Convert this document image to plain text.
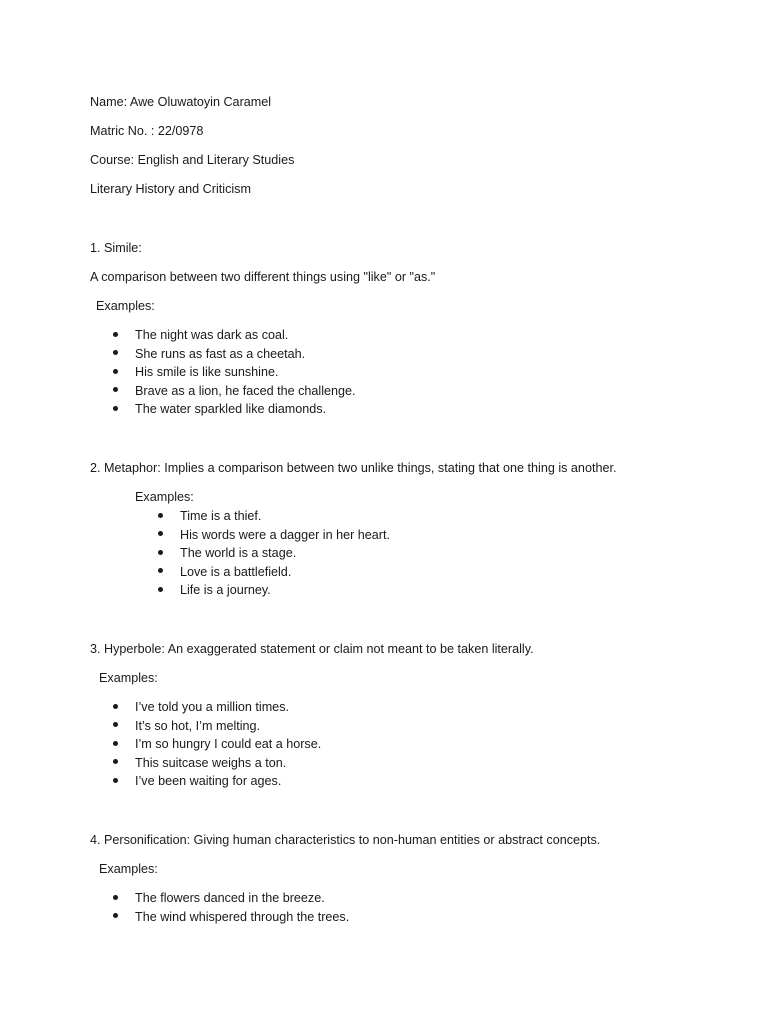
Name: Awe Oluwatoyin Caramel
Matric No. : 22/0978
Course: English and Literary Studies
Literary History and Criticism
1. Simile:
A comparison between two different things using "like" or "as."
Examples:
The night was dark as coal.
She runs as fast as a cheetah.
His smile is like sunshine.
Brave as a lion, he faced the challenge.
The water sparkled like diamonds.
2. Metaphor: Implies a comparison between two unlike things, stating that one thing is another.
Examples:
Time is a thief.
His words were a dagger in her heart.
The world is a stage.
Love is a battlefield.
Life is a journey.
3. Hyperbole: An exaggerated statement or claim not meant to be taken literally.
Examples:
I’ve told you a million times.
It’s so hot, I’m melting.
I’m so hungry I could eat a horse.
This suitcase weighs a ton.
I’ve been waiting for ages.
4. Personification: Giving human characteristics to non-human entities or abstract concepts.
Examples:
The flowers danced in the breeze.
The wind whispered through the trees.
